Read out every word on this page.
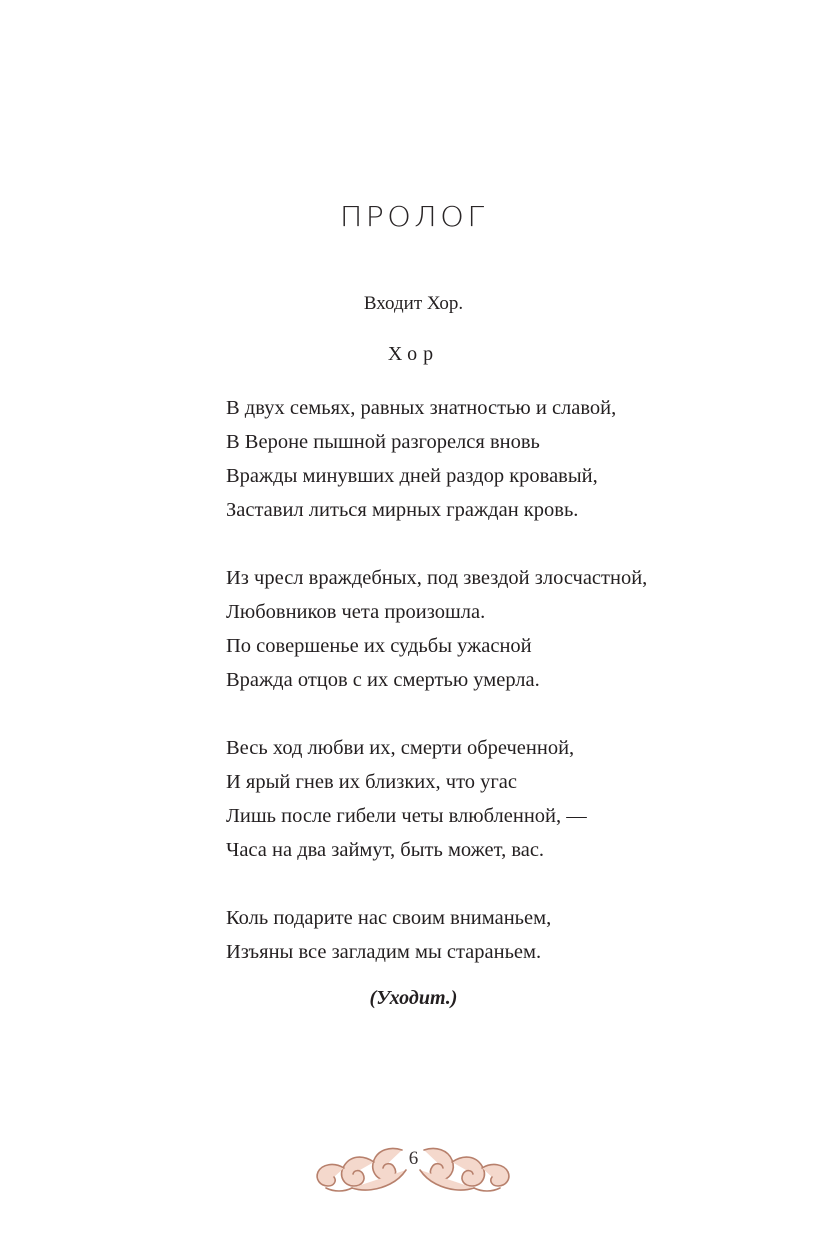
ПРОЛОГ
Входит Хор.
Хор
В двух семьях, равных знатностью и славой,
В Вероне пышной разгорелся вновь
Вражды минувших дней раздор кровавый,
Заставил литься мирных граждан кровь.
Из чресл враждебных, под звездой злосчастной,
Любовников чета произошла.
По совершенье их судьбы ужасной
Вражда отцов с их смертью умерла.
Весь ход любви их, смерти обреченной,
И ярый гнев их близких, что угас
Лишь после гибели четы влюбленной, —
Часа на два займут, быть может, вас.
Коль подарите нас своим вниманьем,
Изъяны все загладим мы стараньем.
(Уходит.)
6
